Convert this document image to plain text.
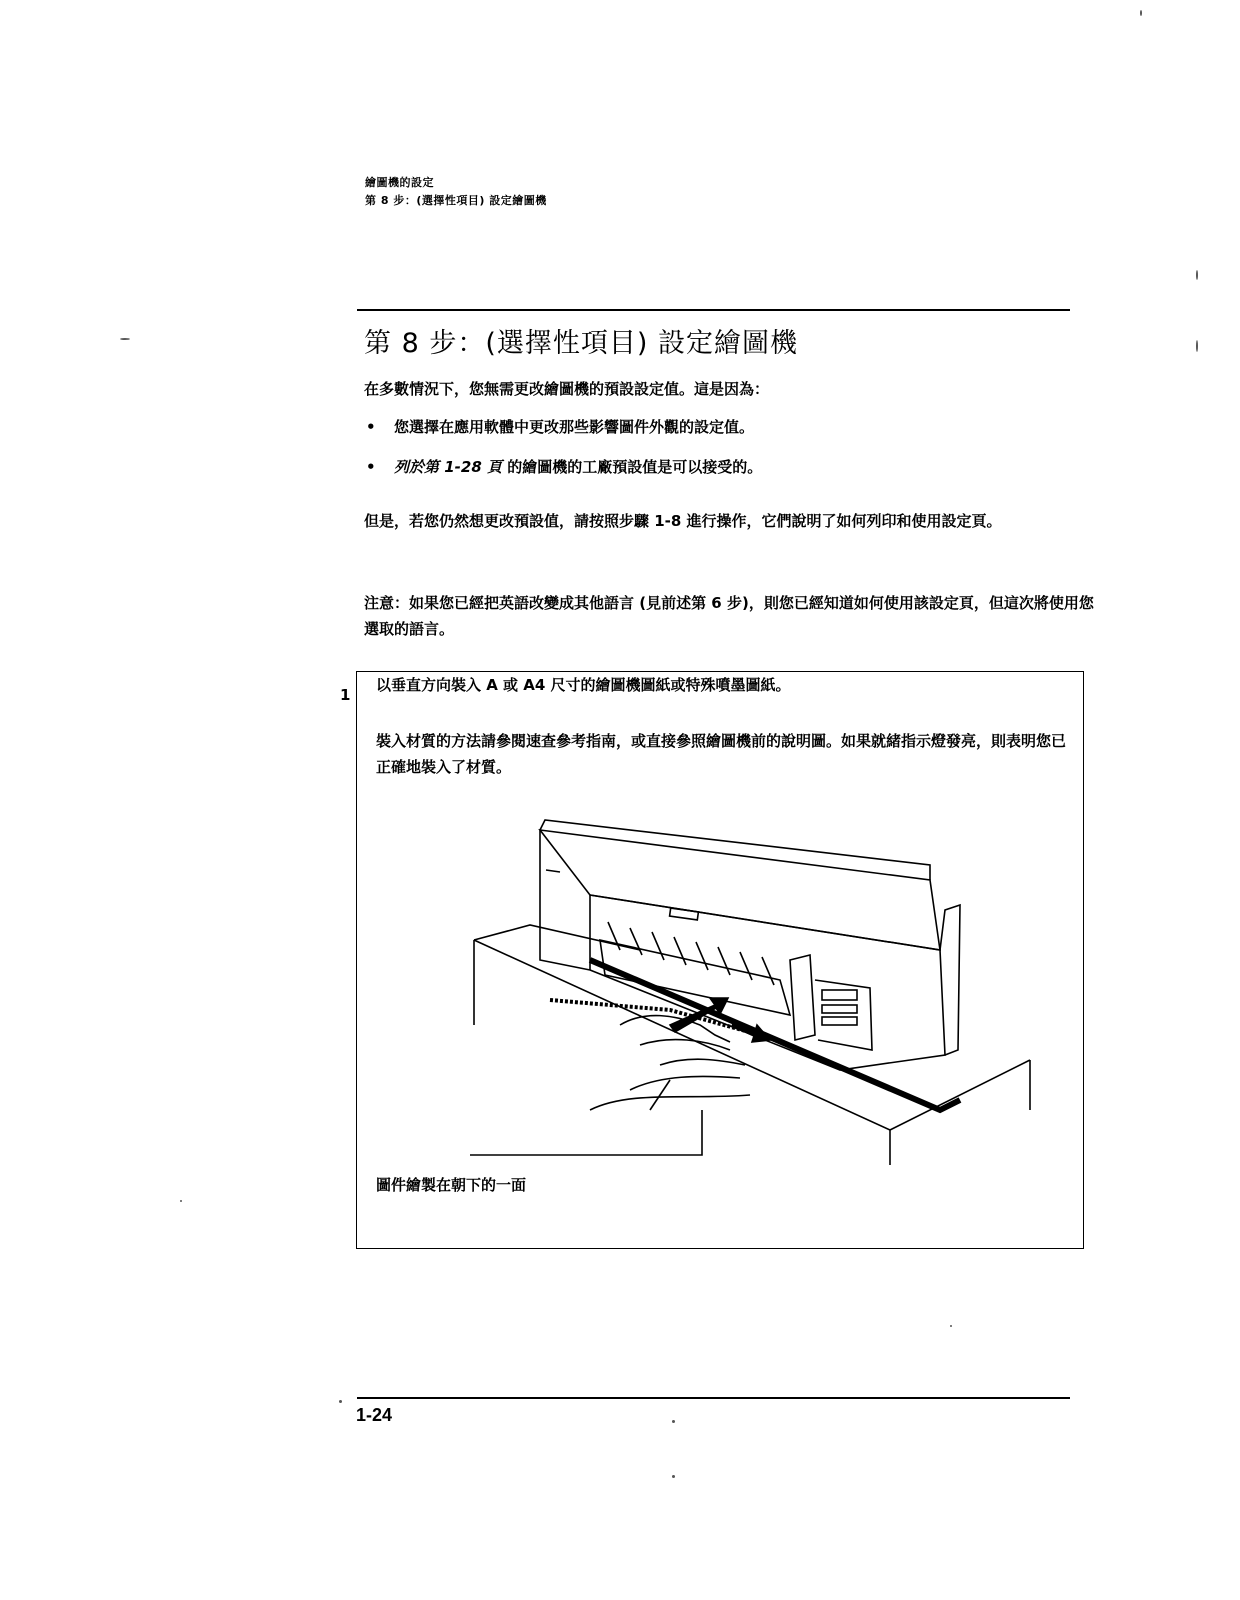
繪圖機的設定
第 8 步：(選擇性項目) 設定繪圖機
第 8 步：(選擇性項目) 設定繪圖機
在多數情況下，您無需更改繪圖機的預設設定值。這是因為：
• 您選擇在應用軟體中更改那些影響圖件外觀的設定值。
• 列於第 1-28 頁 的繪圖機的工廠預設值是可以接受的。
但是，若您仍然想更改預設值，請按照步驟 1-8 進行操作，它們說明了如何列印和使用設定頁。
注意：如果您已經把英語改變成其他語言 (見前述第 6 步)，則您已經知道如何使用該設定頁，但這次將使用您選取的語言。
1
以垂直方向裝入 A 或 A4 尺寸的繪圖機圖紙或特殊噴墨圖紙。
裝入材質的方法請參閱速查參考指南，或直接參照繪圖機前的說明圖。如果就緒指示燈發亮，則表明您已正確地裝入了材質。
圖件繪製在朝下的一面
1-24
